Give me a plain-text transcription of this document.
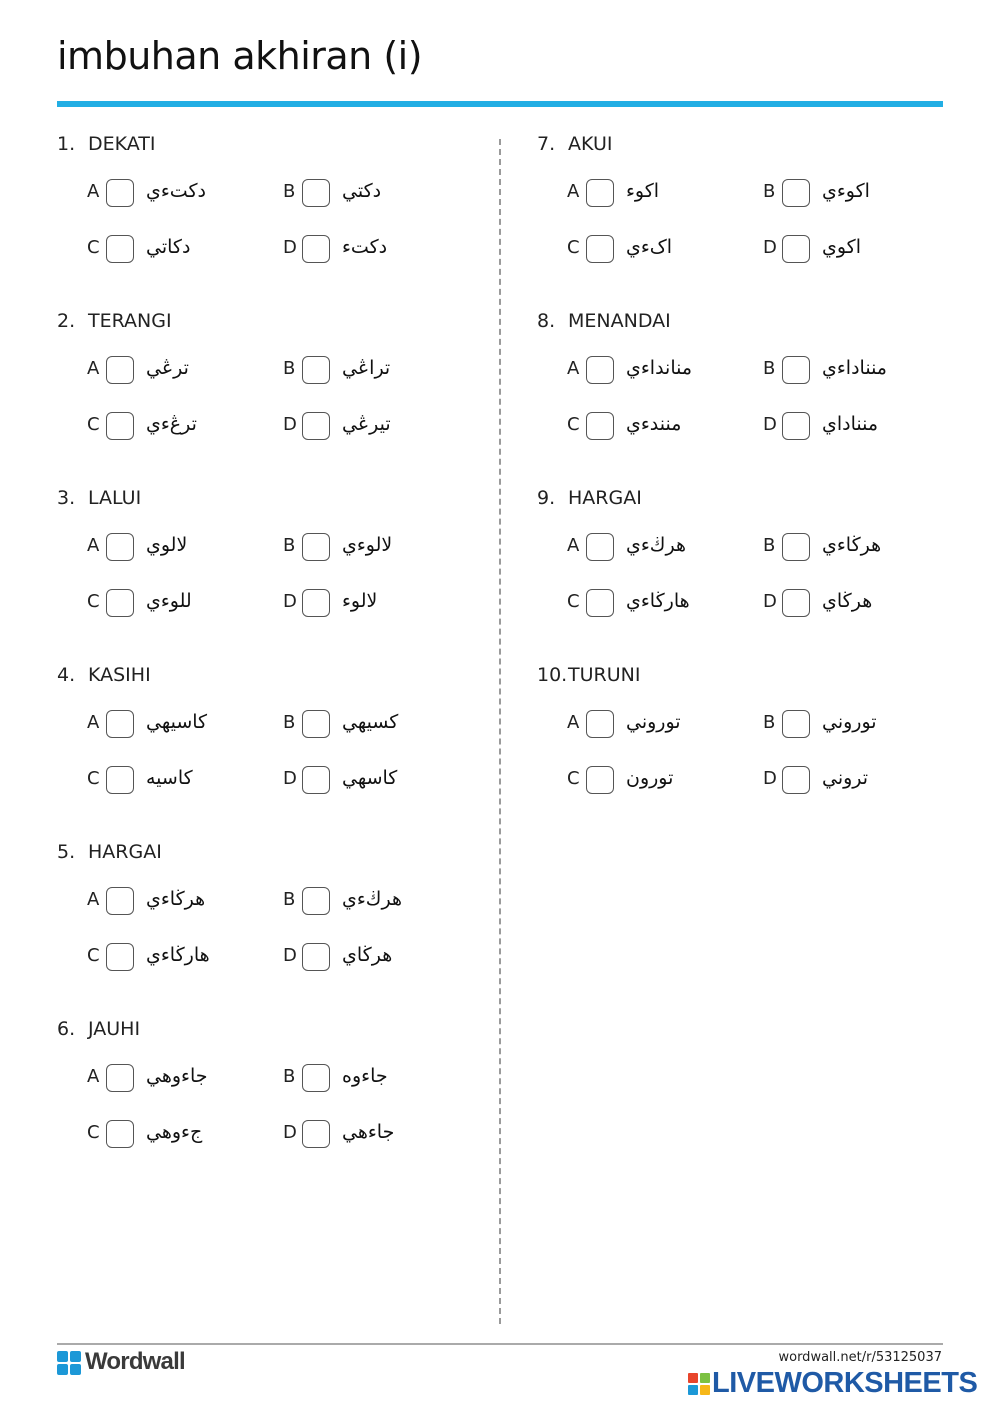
imbuhan akhiran (i)
1. DEKATI
A دکتءي	B دکتي
C دکاتي	D دکتء
2. TERANGI
A ترڠي	B تراڠي
C ترڠءي	D تيرڠي
3. LALUI
A لالوي	B لالوءي
C للوءي	D لالوء
4. KASIHI
A کاسيهي	B کسيهي
C کاسيه	D کاسهي
5. HARGAI
A هرڬاءي	B هرڬءي
C هارڬاءي	D هرڬاي
6. JAUHI
A جاءوهي	B جاءوه
C جءوهي	D جاءهي
7. AKUI
A اکوء	B اکوءي
C اکءي	D اکوي
8. MENANDAI
A منانداءي	B منناداءي
C منندءي	D منناداي
9. HARGAI
A هرڬءي	B هرڬاءي
C هارڬاءي	D هرڬاي
10.TURUNI
A توروني	B توروني
C تورون	D تروني
Wordwall	wordwall.net/r/53125037
LIVEWORKSHEETS
